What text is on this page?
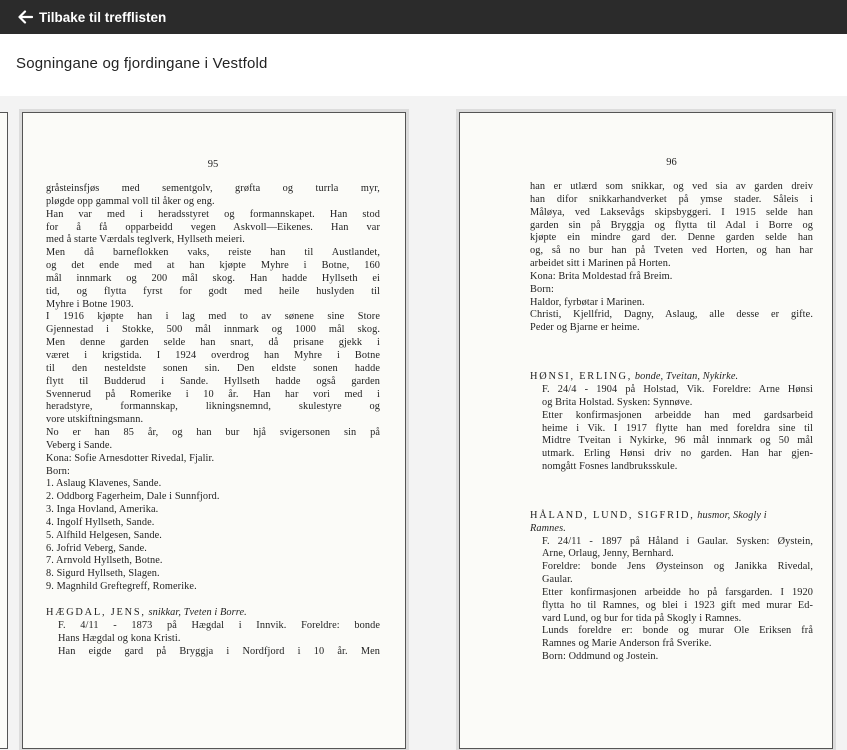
Tilbake til trefflisten
Sogningane og fjordingane i Vestfold
95
gråsteinsfjøs med sementgolv, grøfta og turrla myr,
pløgde opp gammal voll til åker og eng.
Han var med i heradsstyret og formannskapet. Han stod
for å få opparbeidd vegen Askvoll—Eikenes. Han var
med å starte Værdals teglverk, Hyllseth meieri.
Men då barneflokken vaks, reiste han til Austlandet,
og det ende med at han kjøpte Myhre i Botne, 160
mål innmark og 200 mål skog. Han hadde Hyllseth ei
tid, og flytta fyrst for godt med heile huslyden til
Myhre i Botne 1903.
I 1916 kjøpte han i lag med to av sønene sine Store
Gjennestad i Stokke, 500 mål innmark og 1000 mål skog.
Men denne garden selde han snart, då prisane gjekk i
været i krigstida. I 1924 overdrog han Myhre i Botne
til den nesteldste sonen sin. Den eldste sonen hadde
flytt til Budderud i Sande. Hyllseth hadde også garden
Svennerud på Romerike i 10 år. Han har vori med i
heradstyre, formannskap, likningsnemnd, skulestyre og
vore utskiftningsmann.
No er han 85 år, og han bur hjå svigersonen sin på
Veberg i Sande.
Kona: Sofie Arnesdotter Rivedal, Fjalir.
Born:
1. Aslaug Klavenes, Sande.
2. Oddborg Fagerheim, Dale i Sunnfjord.
3. Inga Hovland, Amerika.
4. Ingolf Hyllseth, Sande.
5. Alfhild Helgesen, Sande.
6. Jofrid Veberg, Sande.
7. Arnvold Hyllseth, Botne.
8. Sigurd Hyllseth, Slagen.
9. Magnhild Greftegreff, Romerike.
HÆGDAL, JENS, snikkar, Tveten i Borre.
F. 4/11 - 1873 på Hægdal i Innvik. Foreldre: bonde
Hans Hægdal og kona Kristi.
Han eigde gard på Bryggja i Nordfjord i 10 år. Men
96
han er utlærd som snikkar, og ved sia av garden dreiv
han difor snikkarhandverket på ymse stader. Såleis i
Måløya, ved Laksevågs skipsbyggeri. I 1915 selde han
garden sin på Bryggja og flytta til Adal i Borre og
kjøpte ein mindre gard der. Denne garden selde han
og, så no bur han på Tveten ved Horten, og han har
arbeidet sitt i Marinen på Horten.
Kona: Brita Moldestad frå Breim.
Born:
Haldor, fyrbøtar i Marinen.
Christi, Kjellfrid, Dagny, Aslaug, alle desse er gifte.
Peder og Bjarne er heime.
HØNSI, ERLING, bonde, Tveitan, Nykirke.
F. 24/4 - 1904 på Holstad, Vik. Foreldre: Arne Hønsi
og Brita Holstad. Sysken: Synnøve.
Etter konfirmasjonen arbeidde han med gardsarbeid
heime i Vik. I 1917 flytte han med foreldra sine til
Midtre Tveitan i Nykirke, 96 mål innmark og 50 mål
utmark. Erling Hønsi driv no garden. Han har gjen-
nomgått Fosnes landbruksskule.
HÅLAND, LUND, SIGFRID, husmor, Skogly i
Ramnes.
F. 24/11 - 1897 på Håland i Gaular. Sysken: Øystein,
Arne, Orlaug, Jenny, Bernhard.
Foreldre: bonde Jens Øysteinson og Janikka Rivedal,
Gaular.
Etter konfirmasjonen arbeidde ho på farsgarden. I 1920
flytta ho til Ramnes, og blei i 1923 gift med murar Ed-
vard Lund, og bur for tida på Skogly i Ramnes.
Lunds foreldre er: bonde og murar Ole Eriksen frå
Ramnes og Marie Anderson frå Sverike.
Born: Oddmund og Jostein.
